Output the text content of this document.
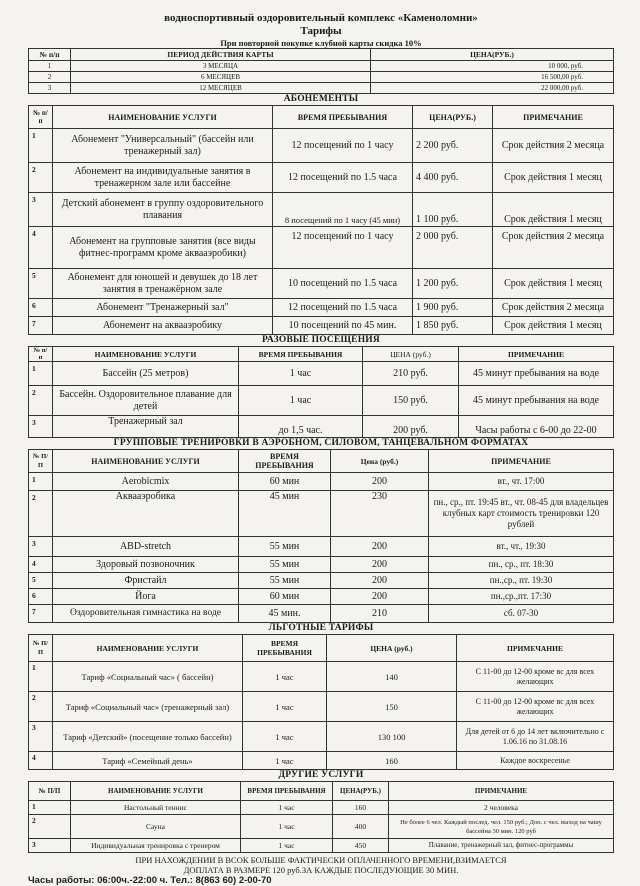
водноспортивный оздоровительный комплекс «Каменоломни»
Тарифы
При повторной покупке клубной карты скидка 10%
№ п/п	ПЕРИОД ДЕЙСТВИЯ КАРТЫ	ЦЕНА(РУБ.)
1	3 МЕСЯЦА	10 000, руб.
2	6 МЕСЯЦЕВ	16 500,00 руб.
3	12 МЕСЯЦЕВ	22 000,00 руб.
АБОНЕМЕНТЫ
№ п/п	НАИМЕНОВАНИЕ УСЛУГИ	ВРЕМЯ ПРЕБЫВАНИЯ	ЦЕНА(РУБ.)	ПРИМЕЧАНИЕ
1	Абонемент "Универсальный" (бассейн или тренажерный зал)	12 посещений по 1 часу	2 200 руб.	Срок действия 2 месяца
2	Абонемент на индивидуальные занятия в тренажерном зале или бассейне	12 посещений по 1.5 часа	4 400 руб.	Срок действия 1 месяц
3	Детский абонемент в группу оздоровительного плавания	8 посещений по 1 часу (45 мин)	1 100 руб.	Срок действия 1 месяц
4	Абонемент на групповые занятия (все виды фитнес-программ кроме аквааэробики)	12 посещений по 1 часу	2 000 руб.	Срок действия 2 месяца
5	Абонемент для юношей и девушек до 18 лет занятия в тренажёрном зале	10 посещений по 1.5 часа	1 200 руб.	Срок действия 1 месяц
6	Абонемент "Тренажерный зал"	12 посещений по 1.5 часа	1 900 руб.	Срок действия 2 месяца
7	Абонемент на аквааэробику	10 посещений по 45 мин.	1 850 руб.	Срок действия 1 месяц
РАЗОВЫЕ ПОСЕЩЕНИЯ
№ п/п	НАИМЕНОВАНИЕ УСЛУГИ	ВРЕМЯ ПРЕБЫВАНИЯ	ЦЕНА (руб.)	ПРИМЕЧАНИЕ
1	Бассейн (25 метров)	1 час	210 руб.	45 минут пребывания на воде
2	Бассейн. Оздоровительное плавание для детей	1 час	150 руб.	45 минут пребывания на воде
3	Тренажерный зал	до 1,5 час.	200 руб.	Часы работы с 6-00 до 22-00
ГРУППОВЫЕ ТРЕНИРОВКИ В АЭРОБНОМ, СИЛОВОМ, ТАНЦЕВАЛЬНОМ ФОРМАТАХ
№ П/П	НАИМЕНОВАНИЕ УСЛУГИ	ВРЕМЯ ПРЕБЫВАНИЯ	Цена (руб.)	ПРИМЕЧАНИЕ
1	Aerobicmix	60 мин	200	вт., чт. 17:00
2	Аквааэробика	45 мин	230	пн., ср., пт. 19:45 вт., чт. 08-45 для владельцев клубных карт стоимость тренировки 120 рублей
3	ABD-stretch	55 мин	200	вт., чт., 19:30
4	Здоровый позвоночник	55 мин	200	пн., ср., пт. 18:30
5	Фристайл	55 мин	200	пн.,ср., пт. 19:30
6	Йога	60 мин	200	пн.,ср.,пт. 17:30
7	Оздоровительная гимнастика на воде	45 мин.	210	сб. 07-30
ЛЬГОТНЫЕ ТАРИФЫ
№ П/П	НАИМЕНОВАНИЕ УСЛУГИ	ВРЕМЯ ПРЕБЫВАНИЯ	ЦЕНА (руб.)	ПРИМЕЧАНИЕ
1	Тариф «Социальный час» ( бассейн)	1 час	140	С 11-00 до 12-00 кроме вс для всех желающих
2	Тариф «Социальный час» (тренажерный зал)	1 час	150	С 11-00 до 12-00 кроме вс для всех желающих
3	Тариф «Детский» (посещение только бассейн)	1 час	130 100	Для детей от 6 до 14 лет включительно с 1.06.16 по 31.08.16
4	Тариф «Семейный день»	1 час	160	Каждое воскресенье
ДРУГИЕ УСЛУГИ
№ П/П	НАИМЕНОВАНИЕ УСЛУГИ	ВРЕМЯ ПРЕБЫВАНИЯ	ЦЕНА(РУБ.)	ПРИМЕЧАНИЕ
1	Настольный теннис	1 час	160	2 человека
2	Сауна	1 час	400	Не более 6 чел. Каждый послед. чел. 150 руб.; Доп. с чел. выход на чашу бассейна 30 мин. 120 руб
3	Индивидуальная тренировка с тренером	1 час	450	Плавание, тренажерный зал, фитнес-программы
ПРИ НАХОЖДЕНИИ В ВСОК БОЛЬШЕ ФАКТИЧЕСКИ ОПЛАЧЕННОГО ВРЕМЕНИ,ВЗИМАЕТСЯ
ДОПЛАТА В РАЗМЕРЕ 120 руб.ЗА КАЖДЫЕ ПОСЛЕДУЮЩИЕ 30 МИН.
Часы работы: 06:00ч.-22:00 ч. Тел.: 8(863 60) 2-00-70
